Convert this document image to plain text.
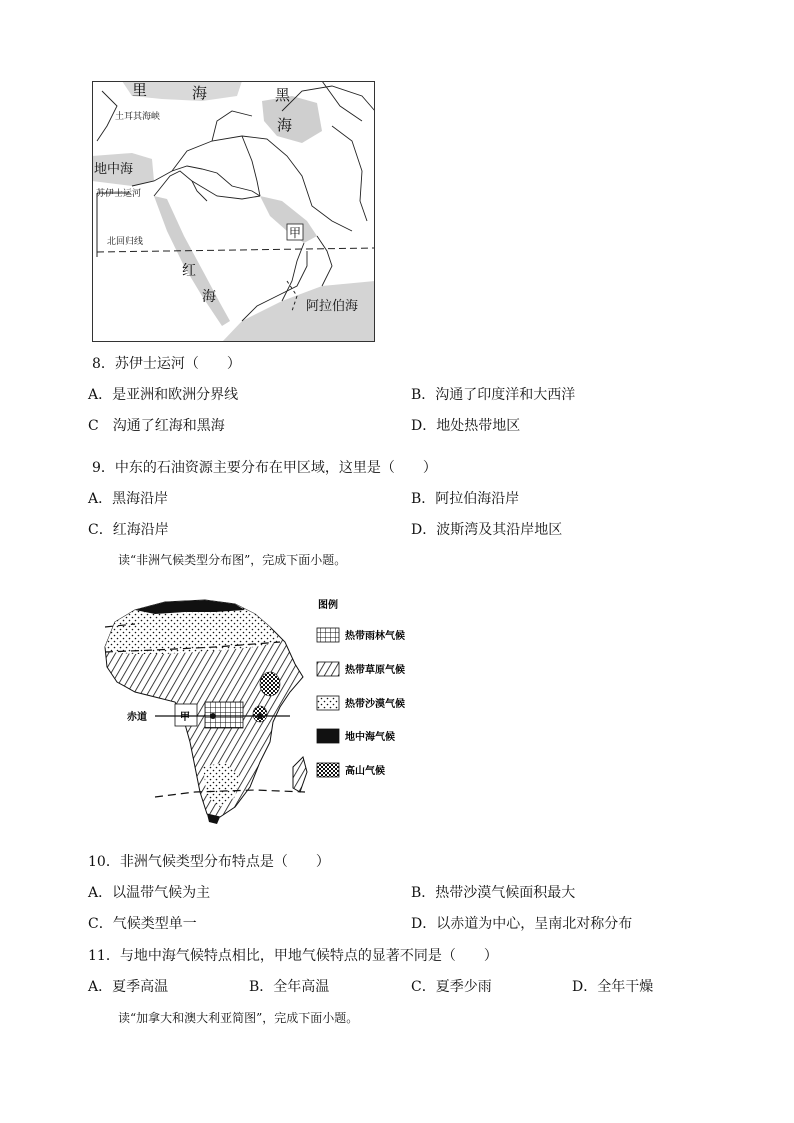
里	海	黑
海
土耳其海峡
地中海
苏伊士运河
北回归线
甲
红
海
阿拉伯海
8．苏伊士运河（　　）
A．是亚洲和欧洲分界线	B．沟通了印度洋和大西洋
C　沟通了红海和黑海	D．地处热带地区
9．中东的石油资源主要分布在甲区域，这里是（　　）
A．黑海沿岸	B．阿拉伯海沿岸
C．红海沿岸	D．波斯湾及其沿岸地区
读“非洲气候类型分布图”，完成下面小题。
赤道	甲
图例
热带雨林气候
热带草原气候
热带沙漠气候
地中海气候
高山气候
10．非洲气候类型分布特点是（　　）
A．以温带气候为主	B．热带沙漠气候面积最大
C．气候类型单一	D．以赤道为中心，呈南北对称分布
11．与地中海气候特点相比，甲地气候特点的显著不同是（　　）
A．夏季高温	B．全年高温	C．夏季少雨	D．全年干燥
读“加拿大和澳大利亚简图”，完成下面小题。
